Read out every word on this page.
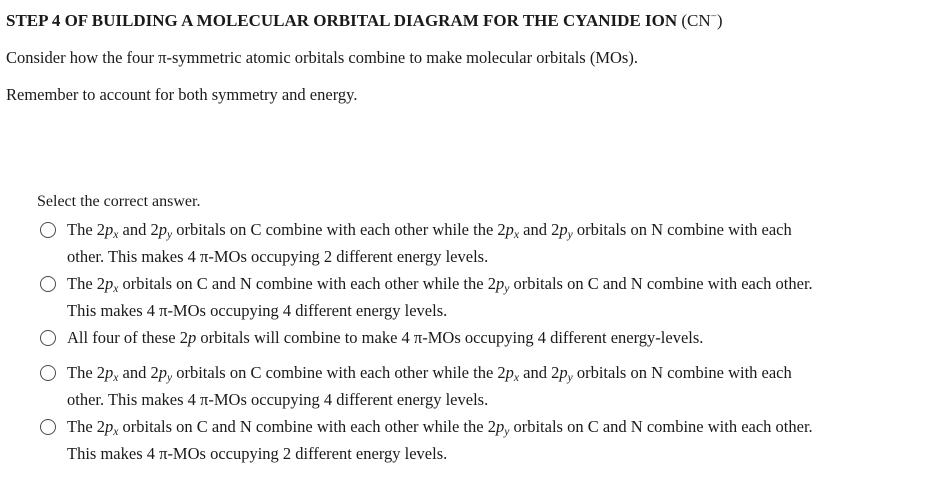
STEP 4 OF BUILDING A MOLECULAR ORBITAL DIAGRAM FOR THE CYANIDE ION (CN−)
Consider how the four π-symmetric atomic orbitals combine to make molecular orbitals (MOs).
Remember to account for both symmetry and energy.
Select the correct answer.
The $2p_x$ and $2p_y$ orbitals on C combine with each other while the $2p_x$ and $2p_y$ orbitals on N combine with each
other. This makes 4 π-MOs occupying 2 different energy levels.
The $2p_x$ orbitals on C and N combine with each other while the $2p_y$ orbitals on C and N combine with each other.
This makes 4 π-MOs occupying 4 different energy levels.
All four of these 2p orbitals will combine to make 4 π-MOs occupying 4 different energy-levels.
The $2p_x$ and $2p_y$ orbitals on C combine with each other while the $2p_x$ and $2p_y$ orbitals on N combine with each
other. This makes 4 π-MOs occupying 4 different energy levels.
The $2p_x$ orbitals on C and N combine with each other while the $2p_y$ orbitals on C and N combine with each other.
This makes 4 π-MOs occupying 2 different energy levels.
